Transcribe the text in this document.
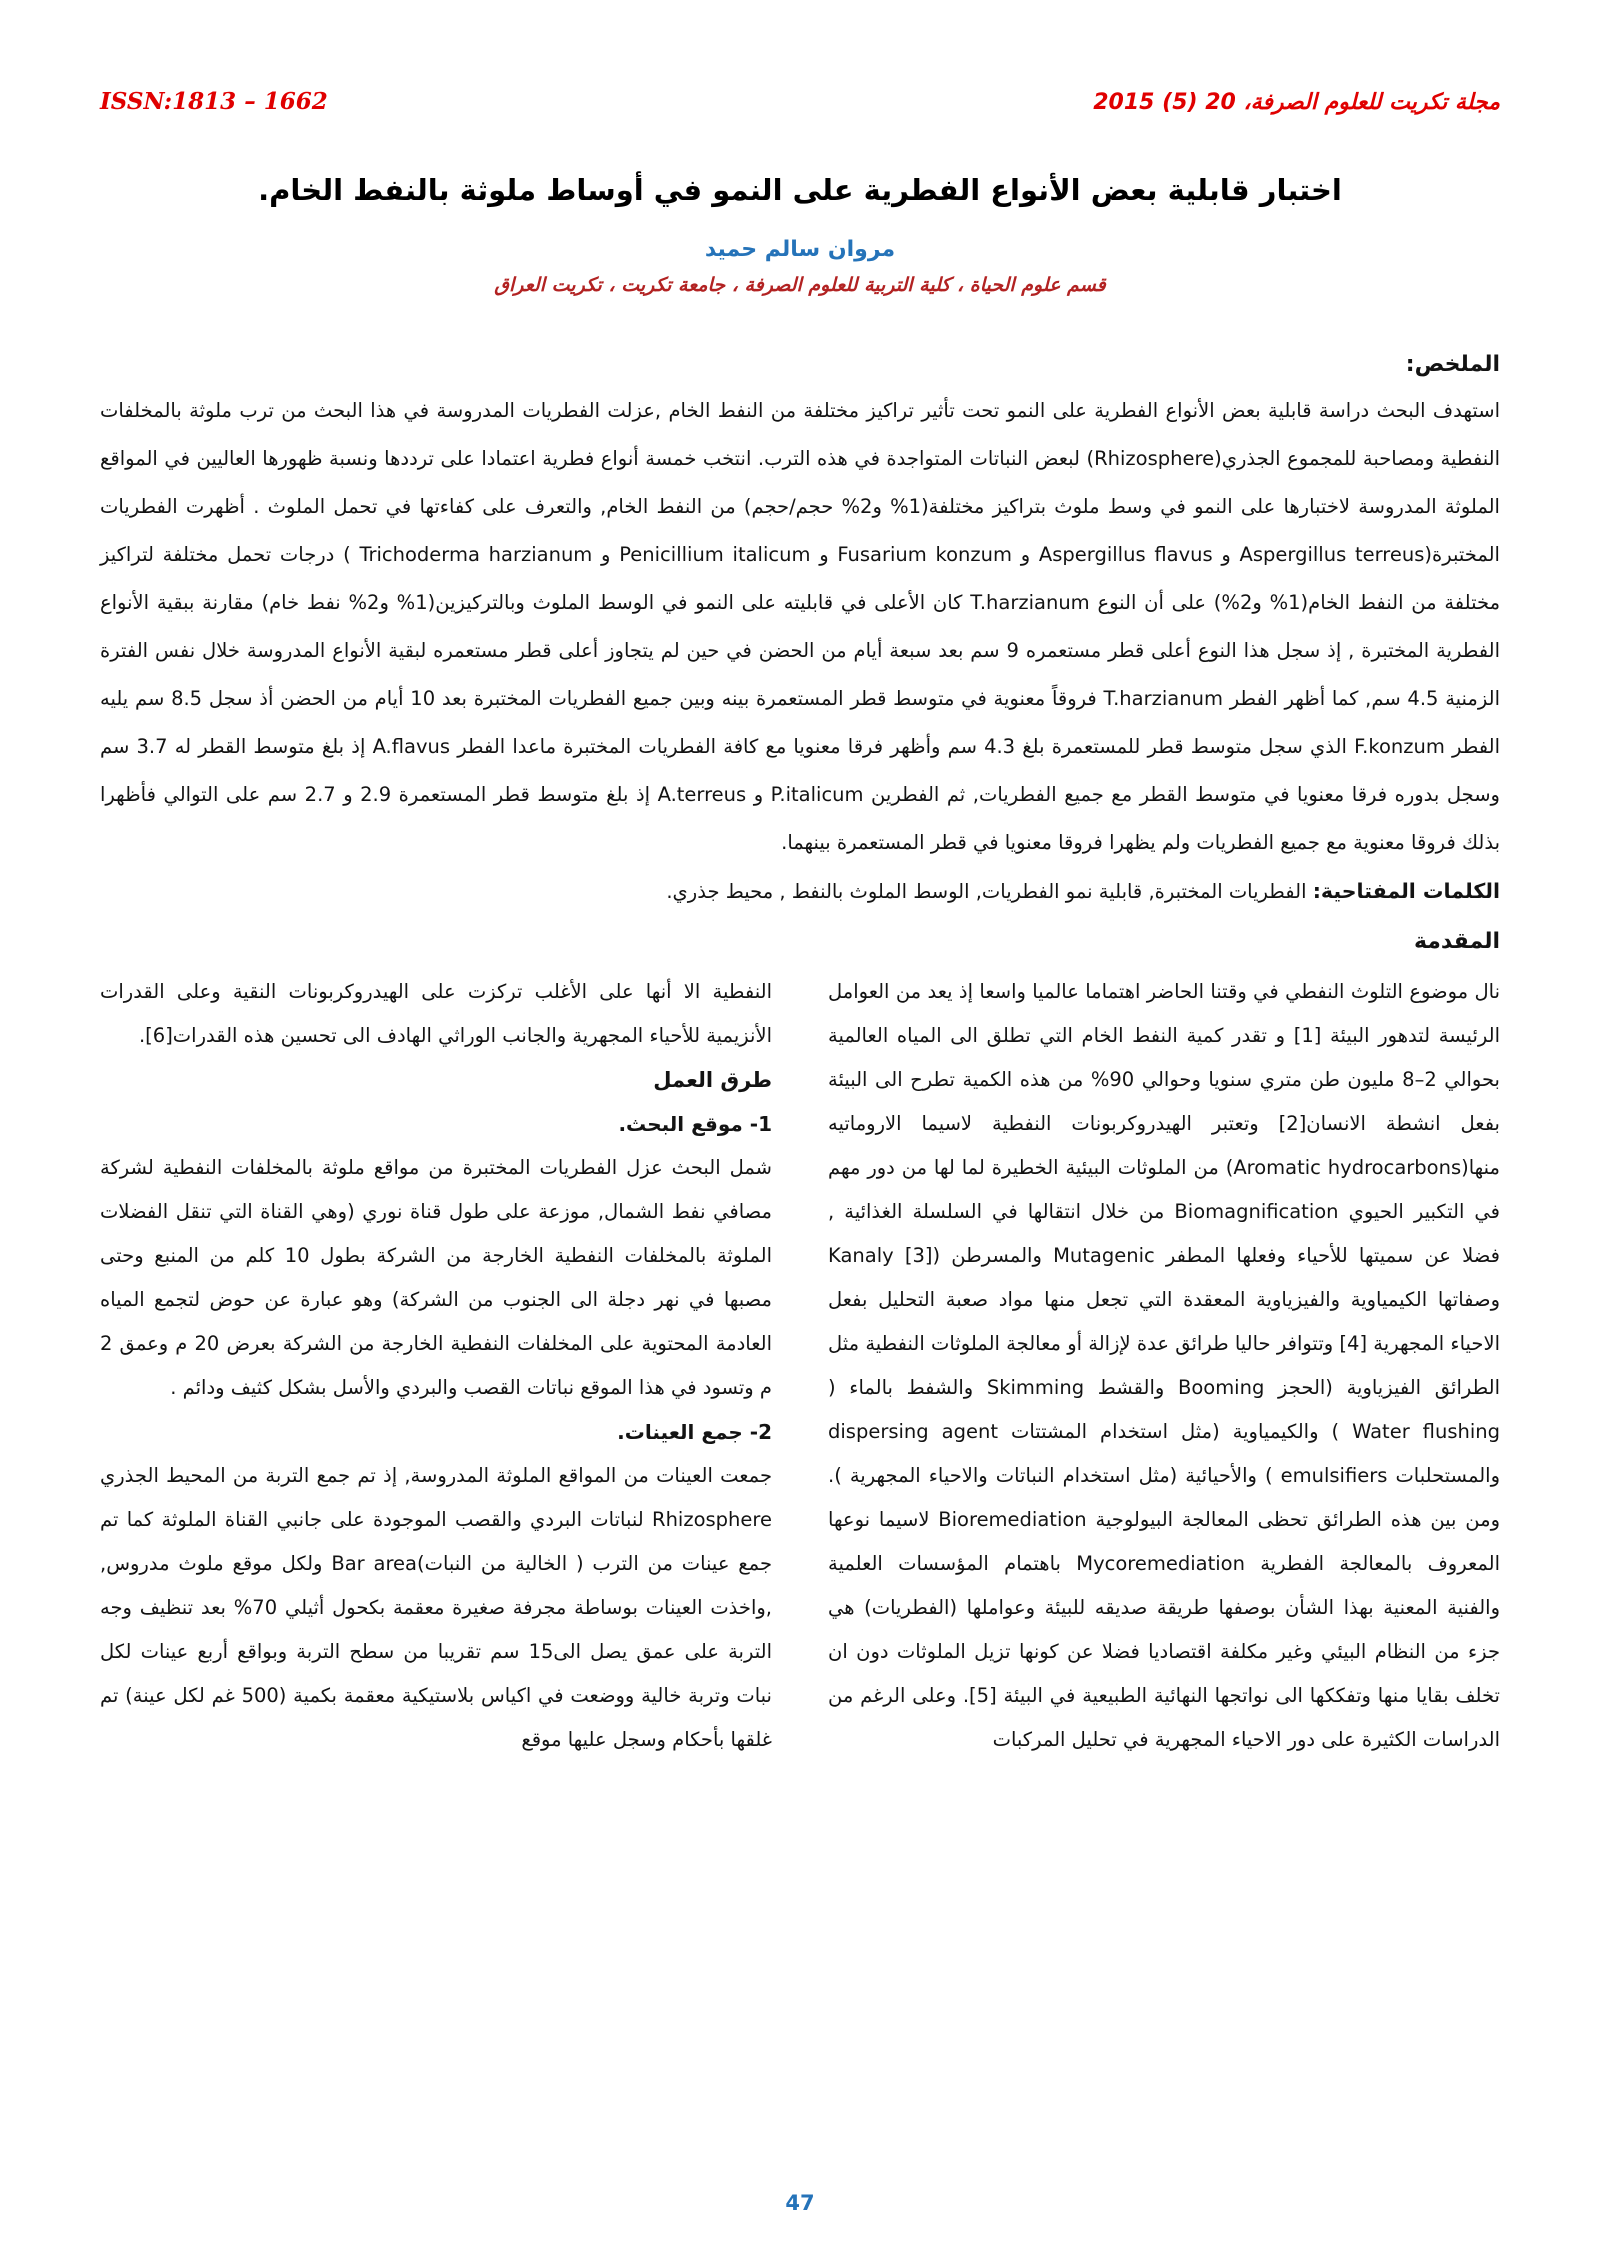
ISSN:1813 – 1662	مجلة تكريت للعلوم الصرفة، 20 (5) 2015
اختبار قابلية بعض الأنواع الفطرية على النمو في أوساط ملوثة بالنفط الخام.
مروان سالم حميد
قسم علوم الحياة ، كلية التربية للعلوم الصرفة ، جامعة تكريت ، تكريت العراق
الملخص:

استهدف البحث دراسة قابلية بعض الأنواع الفطرية على النمو تحت تأثير تراكيز مختلفة من النفط الخام ,عزلت الفطريات المدروسة في هذا البحث من ترب ملوثة بالمخلفات النفطية ومصاحبة للمجموع الجذري(Rhizosphere) لبعض النباتات المتواجدة في هذه الترب. انتخب خمسة أنواع فطرية اعتمادا على ترددها ونسبة ظهورها العاليين في المواقع الملوثة المدروسة لاختبارها على النمو في وسط ملوث بتراكيز مختلفة(1% و2% حجم/حجم) من النفط الخام, والتعرف على كفاءتها في تحمل الملوث . أظهرت الفطريات المختبرة(Aspergillus terreus و Aspergillus flavus و Fusarium konzum و Penicillium italicum و Trichoderma harzianum ) درجات تحمل مختلفة لتراكيز مختلفة من النفط الخام(1% و2%) على أن النوع T.harzianum كان الأعلى في قابليته على النمو في الوسط الملوث وبالتركيزين(1% و2% نفط خام) مقارنة ببقية الأنواع الفطرية المختبرة , إذ سجل هذا النوع أعلى قطر مستعمره 9 سم بعد سبعة أيام من الحضن في حين لم يتجاوز أعلى قطر مستعمره لبقية الأنواع المدروسة خلال نفس الفترة الزمنية 4.5 سم, كما أظهر الفطر T.harzianum فروقاً معنوية في متوسط قطر المستعمرة بينه وبين جميع الفطريات المختبرة بعد 10 أيام من الحضن أذ سجل 8.5 سم يليه الفطر F.konzum الذي سجل متوسط قطر للمستعمرة بلغ 4.3 سم وأظهر فرقا معنويا مع كافة الفطريات المختبرة ماعدا الفطر A.flavus إذ بلغ متوسط القطر له 3.7 سم وسجل بدوره فرقا معنويا في متوسط القطر مع جميع الفطريات, ثم الفطرين P.italicum و A.terreus إذ بلغ متوسط قطر المستعمرة 2.9 و 2.7 سم على التوالي فأظهرا بذلك فروقا معنوية مع جميع الفطريات ولم يظهرا فروقا معنويا في قطر المستعمرة بينهما.

الكلمات المفتاحية: الفطريات المختبرة, قابلية نمو الفطريات, الوسط الملوث بالنفط , محيط جذري.

المقدمة

نال موضوع التلوث النفطي في وقتنا الحاضر اهتماما عالميا واسعا إذ يعد من العوامل الرئيسة لتدهور البيئة [1] و تقدر كمية النفط الخام التي تطلق الى المياه العالمية بحوالي 2–8 مليون طن متري سنويا وحوالي 90% من هذه الكمية تطرح الى البيئة بفعل انشطة الانسان[2] وتعتبر الهيدروكربونات النفطية لاسيما الاروماتيه منها(Aromatic hydrocarbons) من الملوثات البيئية الخطيرة لما لها من دور مهم في التكبير الحيوي Biomagnification من خلال انتقالها في السلسلة الغذائية , فضلا عن سميتها للأحياء وفعلها المطفر Mutagenic والمسرطن (Kanaly [3] وصفاتها الكيمياوية والفيزياوية المعقدة التي تجعل منها مواد صعبة التحليل بفعل الاحياء المجهرية [4] وتتوافر حاليا طرائق عدة لإزالة أو معالجة الملوثات النفطية مثل الطرائق الفيزياوية (الحجز Booming والقشط Skimming والشفط بالماء ( Water flushing ) والكيمياوية (مثل استخدام المشتتات dispersing agent والمستحلبات emulsifiers ) والأحيائية (مثل استخدام النباتات والاحياء المجهرية ). ومن بين هذه الطرائق تحظى المعالجة البيولوجية Bioremediation لاسيما نوعها المعروف بالمعالجة الفطرية Mycoremediation باهتمام المؤسسات العلمية والفنية المعنية بهذا الشأن بوصفها طريقة صديقه للبيئة وعواملها (الفطريات) هي جزء من النظام البيئي وغير مكلفة اقتصاديا فضلا عن كونها تزيل الملوثات دون ان تخلف بقايا منها وتفككها الى نواتجها النهائية الطبيعية في البيئة [5]. وعلى الرغم من الدراسات الكثيرة على دور الاحياء المجهرية في تحليل المركبات

النفطية الا أنها على الأغلب تركزت على الهيدروكربونات النقية وعلى القدرات الأنزيمية للأحياء المجهرية والجانب الوراثي الهادف الى تحسين هذه القدرات[6].

طرق العمل
1- موقع البحث.

شمل البحث عزل الفطريات المختبرة من مواقع ملوثة بالمخلفات النفطية لشركة مصافي نفط الشمال, موزعة على طول قناة نوري (وهي القناة التي تنقل الفضلات الملوثة بالمخلفات النفطية الخارجة من الشركة بطول 10 كلم من المنبع وحتى مصبها في نهر دجلة الى الجنوب من الشركة) وهو عبارة عن حوض لتجمع المياه العادمة المحتوية على المخلفات النفطية الخارجة من الشركة بعرض 20 م وعمق 2 م وتسود في هذا الموقع نباتات القصب والبردي والأسل بشكل كثيف ودائم .

2- جمع العينات.

جمعت العينات من المواقع الملوثة المدروسة, إذ تم جمع التربة من المحيط الجذري Rhizosphere لنباتات البردي والقصب الموجودة على جانبي القناة الملوثة كما تم جمع عينات من الترب ( الخالية من النبات)Bar area ولكل موقع ملوث مدروس, ,واخذت العينات بوساطة مجرفة صغيرة معقمة بكحول أثيلي 70% بعد تنظيف وجه التربة على عمق يصل الى15 سم تقريبا من سطح التربة وبواقع أربع عينات لكل نبات وتربة خالية ووضعت في اكياس بلاستيكية معقمة بكمية (500 غم لكل عينة) تم غلقها بأحكام وسجل عليها موقع

47
